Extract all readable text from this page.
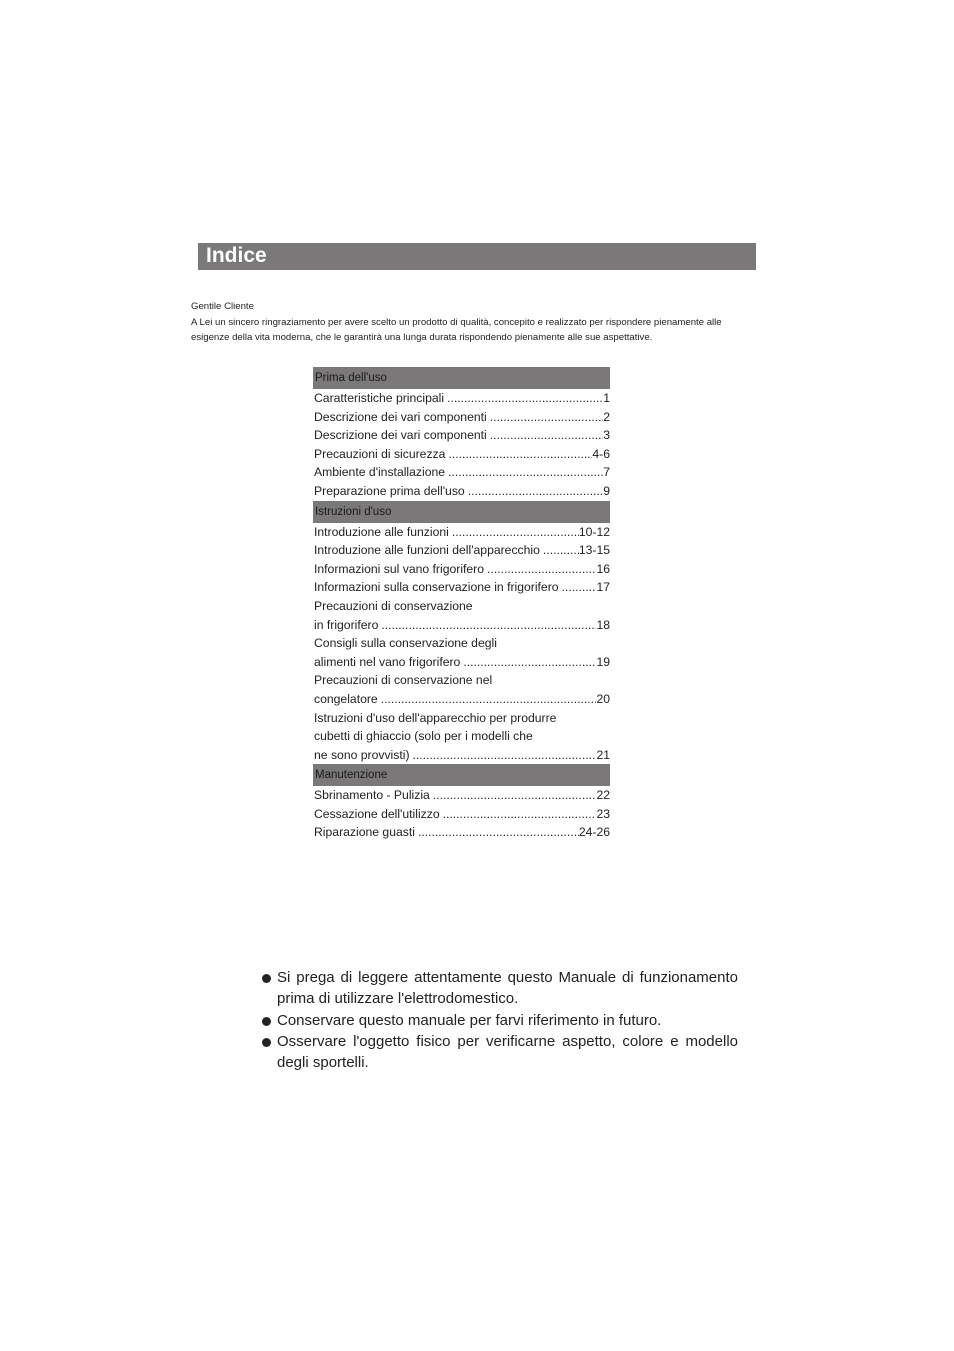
Indice
Gentile Cliente
A Lei un sincero ringraziamento per avere scelto un prodotto di qualità, concepito e realizzato per rispondere pienamente alle
esigenze della vita moderna, che le garantirà una lunga durata rispondendo pienamente alle sue aspettative.
Prima dell'uso
Caratteristiche principali .....	1
Descrizione dei vari componenti .....	2
Descrizione dei vari componenti .....	3
Precauzioni di sicurezza .....	4-6
Ambiente d'installazione .....	7
Preparazione prima dell'uso .....	9
Istruzioni d'uso
Introduzione alle funzioni .....	10-12
Introduzione alle funzioni dell'apparecchio .....	13-15
Informazioni sul vano frigorifero .....	16
Informazioni sulla conservazione in frigorifero .....	17
Precauzioni di conservazione
in frigorifero .....	18
Consigli sulla conservazione degli
alimenti nel vano frigorifero .....	19
Precauzioni di conservazione nel
congelatore .....	20
Istruzioni d'uso dell'apparecchio per produrre
cubetti di ghiaccio (solo per i modelli che
ne sono provvisti) .....	21
Manutenzione
Sbrinamento - Pulizia .....	22
Cessazione dell'utilizzo .....	23
Riparazione guasti .....	24-26
Si prega di leggere attentamente questo Manuale di funzionamento prima di utilizzare l'elettrodomestico.
Conservare questo manuale per farvi riferimento in futuro.
Osservare l'oggetto fisico per verificarne aspetto, colore e modello degli sportelli.
